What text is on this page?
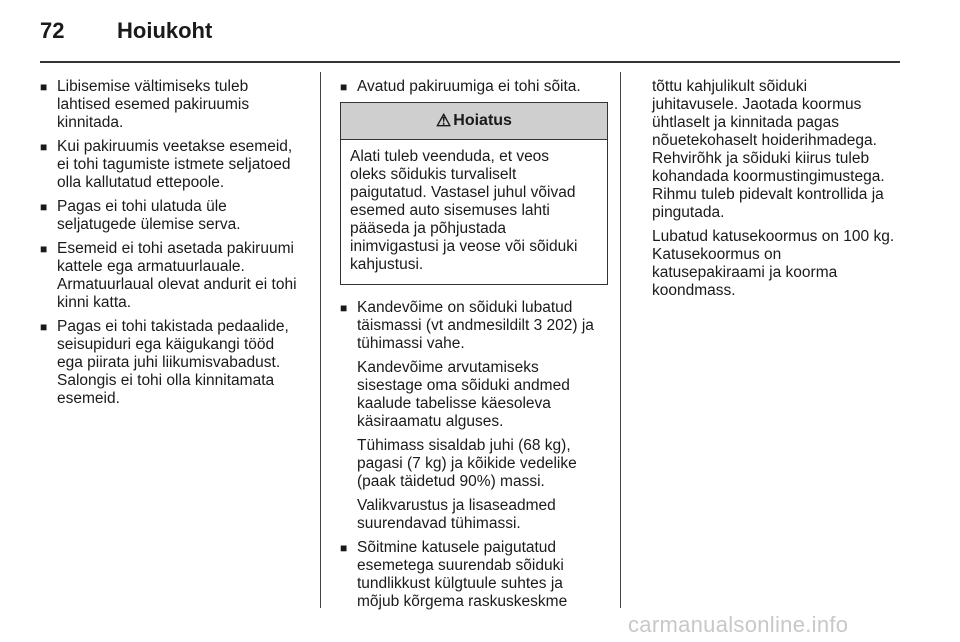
72 Hoiukoht
■ Libisemise vältimiseks tuleb
lahtised esemed pakiruumis
kinnitada.
■ Kui pakiruumis veetakse esemeid,
ei tohi tagumiste istmete seljatoed
olla kallutatud ettepoole.
■ Pagas ei tohi ulatuda üle
seljatugede ülemise serva.
■ Esemeid ei tohi asetada pakiruumi
kattele ega armatuurlauale.
Armatuurlaual olevat andurit ei tohi
kinni katta.
■ Pagas ei tohi takistada pedaalide,
seisupiduri ega käigukangi tööd
ega piirata juhi liikumisvabadust.
Salongis ei tohi olla kinnitamata
esemeid.
■ Avatud pakiruumiga ei tohi sõita.
⚠ Hoiatus
Alati tuleb veenduda, et veos
oleks sõidukis turvaliselt
paigutatud. Vastasel juhul võivad
esemed auto sisemuses lahti
pääseda ja põhjustada
inimvigastusi ja veose või sõiduki
kahjustusi.
■ Kandevõime on sõiduki lubatud
täismassi (vt andmesildilt 3 202) ja
tühimassi vahe.
Kandevõime arvutamiseks
sisestage oma sõiduki andmed
kaalude tabelisse käesoleva
käsiraamatu alguses.
Tühimass sisaldab juhi (68 kg),
pagasi (7 kg) ja kõikide vedelike
(paak täidetud 90%) massi.
Valikvarustus ja lisaseadmed
suurendavad tühimassi.
■ Sõitmine katusele paigutatud
esemetega suurendab sõiduki
tundlikkust külgtuule suhtes ja
mõjub kõrgema raskuskeskme
tõttu kahjulikult sõiduki
juhitavusele. Jaotada koormus
ühtlaselt ja kinnitada pagas
nõuetekohaselt hoiderihmadega.
Rehvirõhk ja sõiduki kiirus tuleb
kohandada koormustingimustega.
Rihmu tuleb pidevalt kontrollida ja
pingutada.
Lubatud katusekoormus on 100 kg.
Katusekoormus on
katusepakiraami ja koorma
koondmass.
carmanualsonline.info
